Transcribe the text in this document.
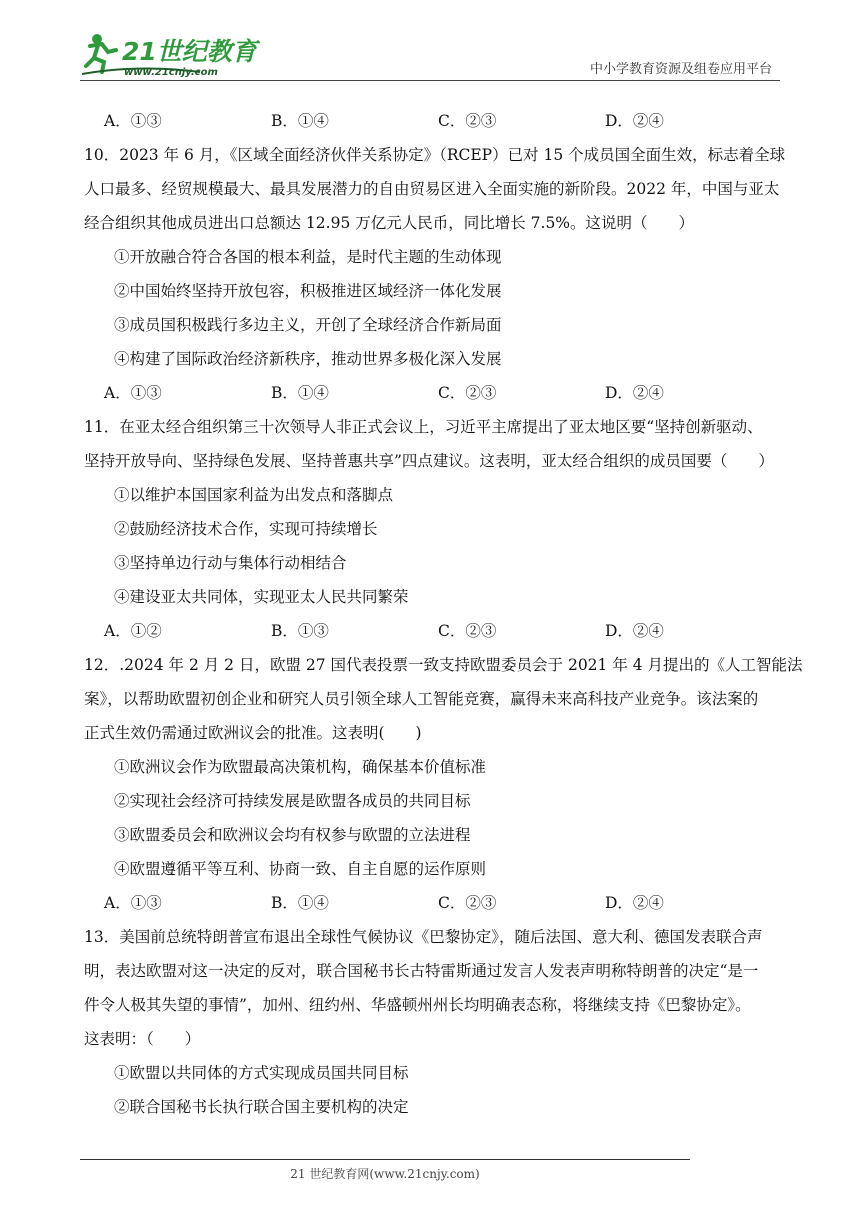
21世纪教育
www.21cnjy.com	中小学教育资源及组卷应用平台
A．①③	B．①④	C．②③	D．②④
10．2023 年 6 月，《区域全面经济伙伴关系协定》（RCEP）已对 15 个成员国全面生效，标志着全球
人口最多、经贸规模最大、最具发展潜力的自由贸易区进入全面实施的新阶段。2022 年，中国与亚太
经合组织其他成员进出口总额达 12.95 万亿元人民币，同比增长 7.5%。这说明（　　）
①开放融合符合各国的根本利益，是时代主题的生动体现
②中国始终坚持开放包容，积极推进区域经济一体化发展
③成员国积极践行多边主义，开创了全球经济合作新局面
④构建了国际政治经济新秩序，推动世界多极化深入发展
A．①③	B．①④	C．②③	D．②④
11．在亚太经合组织第三十次领导人非正式会议上，习近平主席提出了亚太地区要“坚持创新驱动、
坚持开放导向、坚持绿色发展、坚持普惠共享”四点建议。这表明，亚太经合组织的成员国要（　　）
①以维护本国国家利益为出发点和落脚点
②鼓励经济技术合作，实现可持续增长
③坚持单边行动与集体行动相结合
④建设亚太共同体，实现亚太人民共同繁荣
A．①②	B．①③	C．②③	D．②④
12．.2024 年 2 月 2 日，欧盟 27 国代表投票一致支持欧盟委员会于 2021 年 4 月提出的《人工智能法
案》，以帮助欧盟初创企业和研究人员引领全球人工智能竞赛，赢得未来高科技产业竞争。该法案的
正式生效仍需通过欧洲议会的批准。这表明(　　)
①欧洲议会作为欧盟最高决策机构，确保基本价值标准
②实现社会经济可持续发展是欧盟各成员的共同目标
③欧盟委员会和欧洲议会均有权参与欧盟的立法进程
④欧盟遵循平等互利、协商一致、自主自愿的运作原则
A．①③	B．①④	C．②③	D．②④
13．美国前总统特朗普宣布退出全球性气候协议《巴黎协定》，随后法国、意大利、德国发表联合声
明，表达欧盟对这一决定的反对，联合国秘书长古特雷斯通过发言人发表声明称特朗普的决定“是一
件令人极其失望的事情”，加州、纽约州、华盛顿州州长均明确表态称，将继续支持《巴黎协定》。
这表明：（　　）
①欧盟以共同体的方式实现成员国共同目标
②联合国秘书长执行联合国主要机构的决定
21 世纪教育网(www.21cnjy.com)
